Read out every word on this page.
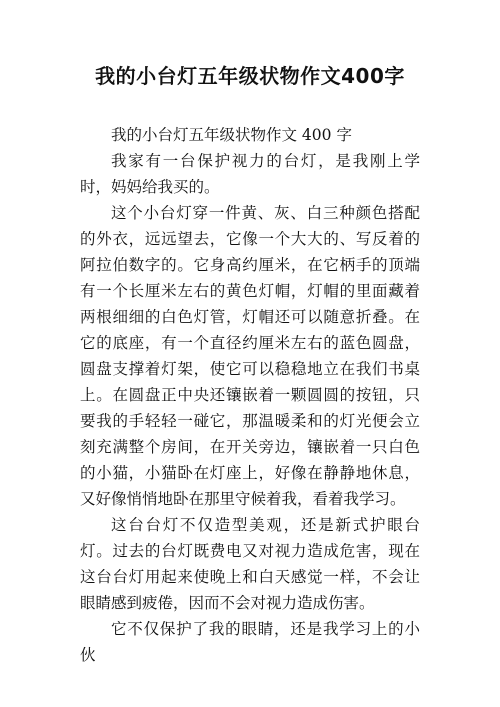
我的小台灯五年级状物作文400字

我的小台灯五年级状物作文 400 字

我家有一台保护视力的台灯，是我刚上学时，妈妈给我买的。

这个小台灯穿一件黄、灰、白三种颜色搭配的外衣，远远望去，它像一个大大的、写反着的阿拉伯数字的。它身高约厘米，在它柄手的顶端有一个长厘米左右的黄色灯帽，灯帽的里面藏着两根细细的白色灯管，灯帽还可以随意折叠。在它的底座，有一个直径约厘米左右的蓝色圆盘，圆盘支撑着灯架，使它可以稳稳地立在我们书桌上。在圆盘正中央还镶嵌着一颗圆圆的按钮，只要我的手轻轻一碰它，那温暖柔和的灯光便会立刻充满整个房间，在开关旁边，镶嵌着一只白色的小猫，小猫卧在灯座上，好像在静静地休息，又好像悄悄地卧在那里守候着我，看着我学习。

这台台灯不仅造型美观，还是新式护眼台灯。过去的台灯既费电又对视力造成危害，现在这台台灯用起来使晚上和白天感觉一样，不会让眼睛感到疲倦，因而不会对视力造成伤害。

它不仅保护了我的眼睛，还是我学习上的小伙
